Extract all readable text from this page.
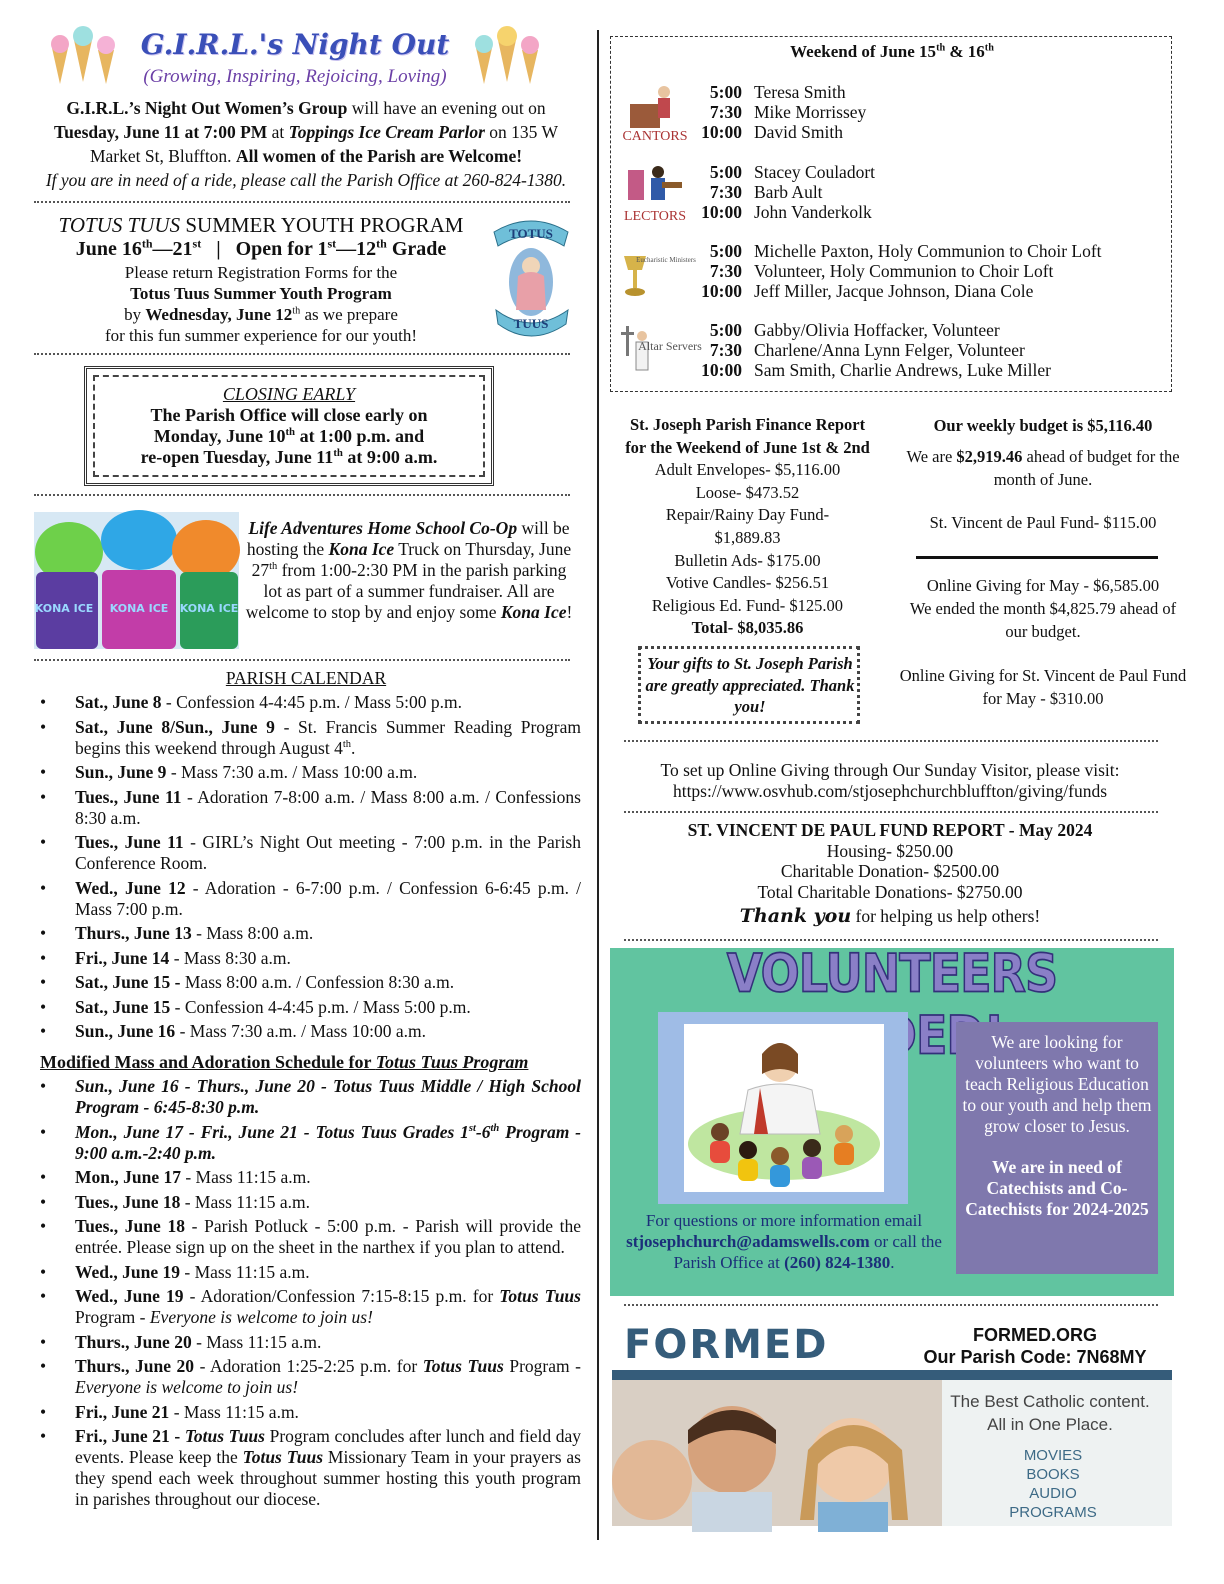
G.I.R.L.'s Night Out
(Growing, Inspiring, Rejoicing, Loving)
G.I.R.L.’s Night Out Women’s Group will have an evening out on Tuesday, June 11 at 7:00 PM at Toppings Ice Cream Parlor on 135 W Market St, Bluffton. All women of the Parish are Welcome!
If you are in need of a ride, please call the Parish Office at 260-824-1380.
TOTUS TUUS SUMMER YOUTH PROGRAM
June 16th—21st   |   Open for 1st—12th Grade
Please return Registration Forms for the
Totus Tuus Summer Youth Program
by Wednesday, June 12th as we prepare
for this fun summer experience for our youth!
TOTUS
TUUS
CLOSING EARLY
The Parish Office will close early on
Monday, June 10th at 1:00 p.m. and
re-open Tuesday, June 11th at 9:00 a.m.
KONA ICE KONA ICE KONA ICE
Life Adventures Home School Co-Op will be hosting the Kona Ice Truck on Thursday, June 27th from 1:00-2:30 PM in the parish parking lot as part of a summer fundraiser. All are welcome to stop by and enjoy some Kona Ice!
PARISH CALENDAR
• Sat., June 8 - Confession 4-4:45 p.m. / Mass 5:00 p.m.
• Sat., June 8/Sun., June 9 - St. Francis Summer Reading Program begins this weekend through August 4th.
• Sun., June 9 - Mass 7:30 a.m. / Mass 10:00 a.m.
• Tues., June 11 - Adoration 7-8:00 a.m. / Mass 8:00 a.m. / Confessions 8:30 a.m.
• Tues., June 11 - GIRL’s Night Out meeting - 7:00 p.m. in the Parish Conference Room.
• Wed., June 12 - Adoration - 6-7:00 p.m. / Confession 6-6:45 p.m. / Mass 7:00 p.m.
• Thurs., June 13 - Mass 8:00 a.m.
• Fri., June 14 - Mass 8:30 a.m.
• Sat., June 15 - Mass 8:00 a.m. / Confession 8:30 a.m.
• Sat., June 15 - Confession 4-4:45 p.m. / Mass 5:00 p.m.
• Sun., June 16 - Mass 7:30 a.m. / Mass 10:00 a.m.
Modified Mass and Adoration Schedule for Totus Tuus Program
• Sun., June 16 - Thurs., June 20 - Totus Tuus Middle / High School Program - 6:45-8:30 p.m.
• Mon., June 17 - Fri., June 21 - Totus Tuus Grades 1st-6th Program - 9:00 a.m.-2:40 p.m.
• Mon., June 17 - Mass 11:15 a.m.
• Tues., June 18 - Mass 11:15 a.m.
• Tues., June 18 - Parish Potluck - 5:00 p.m. - Parish will provide the entrée. Please sign up on the sheet in the narthex if you plan to attend.
• Wed., June 19 - Mass 11:15 a.m.
• Wed., June 19 - Adoration/Confession 7:15-8:15 p.m. for Totus Tuus Program - Everyone is welcome to join us!
• Thurs., June 20 - Mass 11:15 a.m.
• Thurs., June 20 - Adoration 1:25-2:25 p.m. for Totus Tuus Program - Everyone is welcome to join us!
• Fri., June 21 - Mass 11:15 a.m.
• Fri., June 21 - Totus Tuus Program concludes after lunch and field day events. Please keep the Totus Tuus Missionary Team in your prayers as they spend each week throughout summer hosting this youth program in parishes throughout our diocese.
Weekend of June 15th & 16th
CANTORS
LECTORS
Eucharistic Ministers
Altar Servers
5:00 Teresa Smith
7:30 Mike Morrissey
10:00 David Smith
5:00 Stacey Couladort
7:30 Barb Ault
10:00 John Vanderkolk
5:00 Michelle Paxton, Holy Communion to Choir Loft
7:30 Volunteer, Holy Communion to Choir Loft
10:00 Jeff Miller, Jacque Johnson, Diana Cole
5:00 Gabby/Olivia Hoffacker, Volunteer
7:30 Charlene/Anna Lynn Felger, Volunteer
10:00 Sam Smith, Charlie Andrews, Luke Miller
St. Joseph Parish Finance Report
for the Weekend of June 1st & 2nd
Adult Envelopes- $5,116.00
Loose- $473.52
Repair/Rainy Day Fund-
$1,889.83
Bulletin Ads- $175.00
Votive Candles- $256.51
Religious Ed. Fund- $125.00
Total- $8,035.86
Your gifts to St. Joseph Parish are greatly appreciated. Thank you!
Our weekly budget is $5,116.40
We are $2,919.46 ahead of budget for the month of June.
St. Vincent de Paul Fund- $115.00
Online Giving for May - $6,585.00
We ended the month $4,825.79 ahead of our budget.
Online Giving for St. Vincent de Paul Fund for May - $310.00
To set up Online Giving through Our Sunday Visitor, please visit:
https://www.osvhub.com/stjosephchurchbluffton/giving/funds
ST. VINCENT DE PAUL FUND REPORT - May 2024
Housing- $250.00
Charitable Donation- $2500.00
Total Charitable Donations- $2750.00
Thank you for helping us help others!
VOLUNTEERS
We are looking for volunteers who want to teach Religious Education to our youth and help them grow closer to Jesus.
We are in need of Catechists and Co-Catechists for 2024-2025
For questions or more information email stjosephchurch@adamswells.com or call the Parish Office at (260) 824-1380.
FORMED	FORMED.ORG
Our Parish Code: 7N68MY
The Best Catholic content.
All in One Place.
MOVIES
BOOKS
AUDIO
PROGRAMS
